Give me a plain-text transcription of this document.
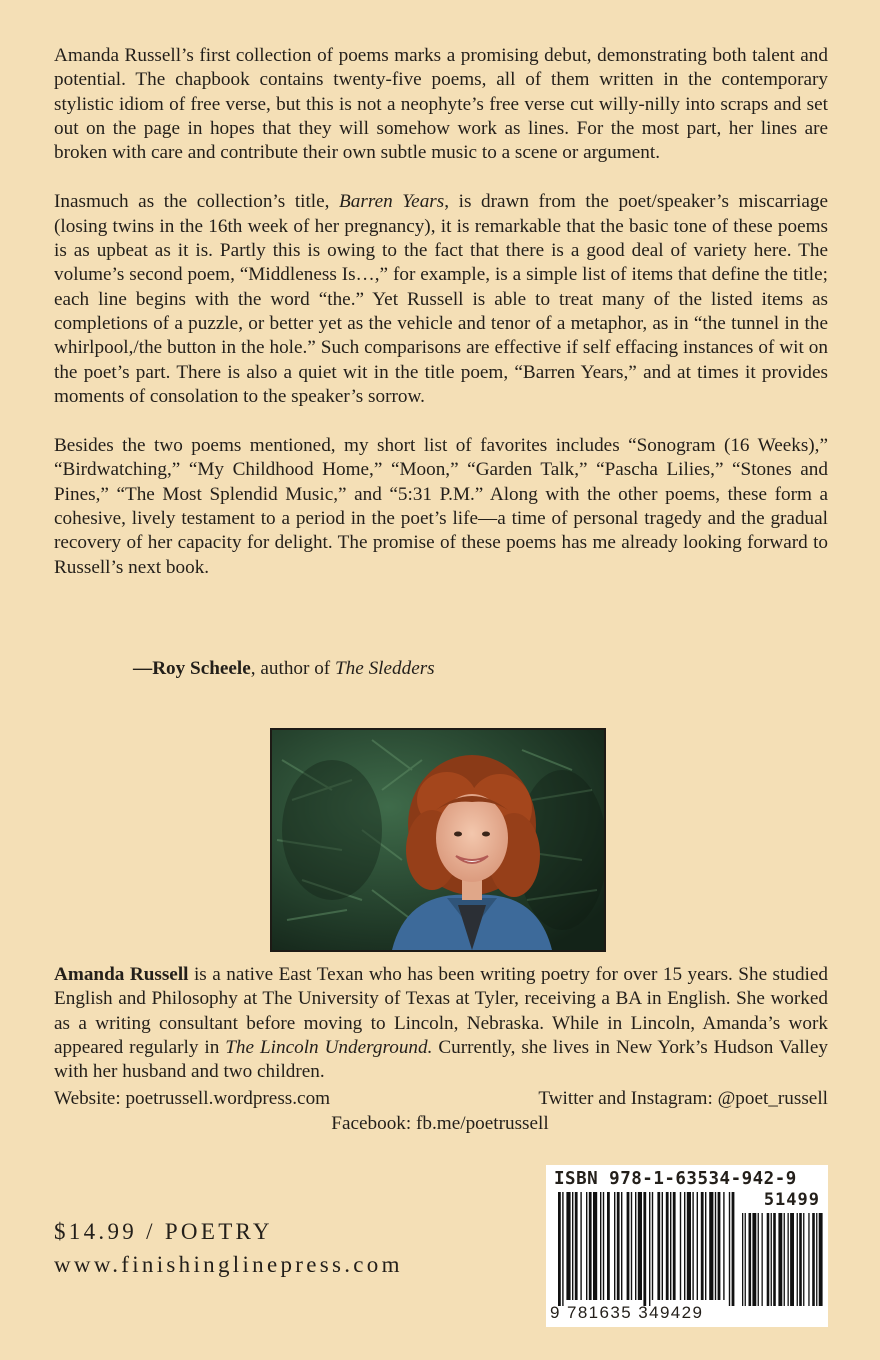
Amanda Russell’s first collection of poems marks a promising debut, demonstrating both talent and potential. The chapbook contains twenty-five poems, all of them written in the contemporary stylistic idiom of free verse, but this is not a neophyte’s free verse cut willy-nilly into scraps and set out on the page in hopes that they will somehow work as lines. For the most part, her lines are broken with care and contribute their own subtle music to a scene or argument.

Inasmuch as the collection’s title, Barren Years, is drawn from the poet/speaker’s miscarriage (losing twins in the 16th week of her pregnancy), it is remarkable that the basic tone of these poems is as upbeat as it is. Partly this is owing to the fact that there is a good deal of variety here. The volume’s second poem, “Middleness Is…,” for example, is a simple list of items that define the title; each line begins with the word “the.” Yet Russell is able to treat many of the listed items as completions of a puzzle, or better yet as the vehicle and tenor of a metaphor, as in “the tunnel in the whirlpool,/the button in the hole.” Such comparisons are effective if self effacing instances of wit on the poet’s part. There is also a quiet wit in the title poem, “Barren Years,” and at times it provides moments of consolation to the speaker’s sorrow.

Besides the two poems mentioned, my short list of favorites includes “Sonogram (16 Weeks),” “Birdwatching,” “My Childhood Home,” “Moon,” “Garden Talk,” “Pascha Lilies,” “Stones and Pines,” “The Most Splendid Music,” and “5:31 P.M.” Along with the other poems, these form a cohesive, lively testament to a period in the poet’s life—a time of personal tragedy and the gradual recovery of her capacity for delight. The promise of these poems has me already looking forward to Russell’s next book.

—Roy Scheele, author of The Sledders

Amanda Russell is a native East Texan who has been writing poetry for over 15 years. She studied English and Philosophy at The University of Texas at Tyler, receiving a BA in English. She worked as a writing consultant before moving to Lincoln, Nebraska. While in Lincoln, Amanda’s work appeared regularly in The Lincoln Underground. Currently, she lives in New York’s Hudson Valley with her husband and two children.

Website: poetrussell.wordpress.com	Twitter and Instagram: @poet_russell
Facebook: fb.me/poetrussell
$14.99 / POETRY
www.finishinglinepress.com
ISBN 978-1-63534-942-9
51499
9 781635 349429
